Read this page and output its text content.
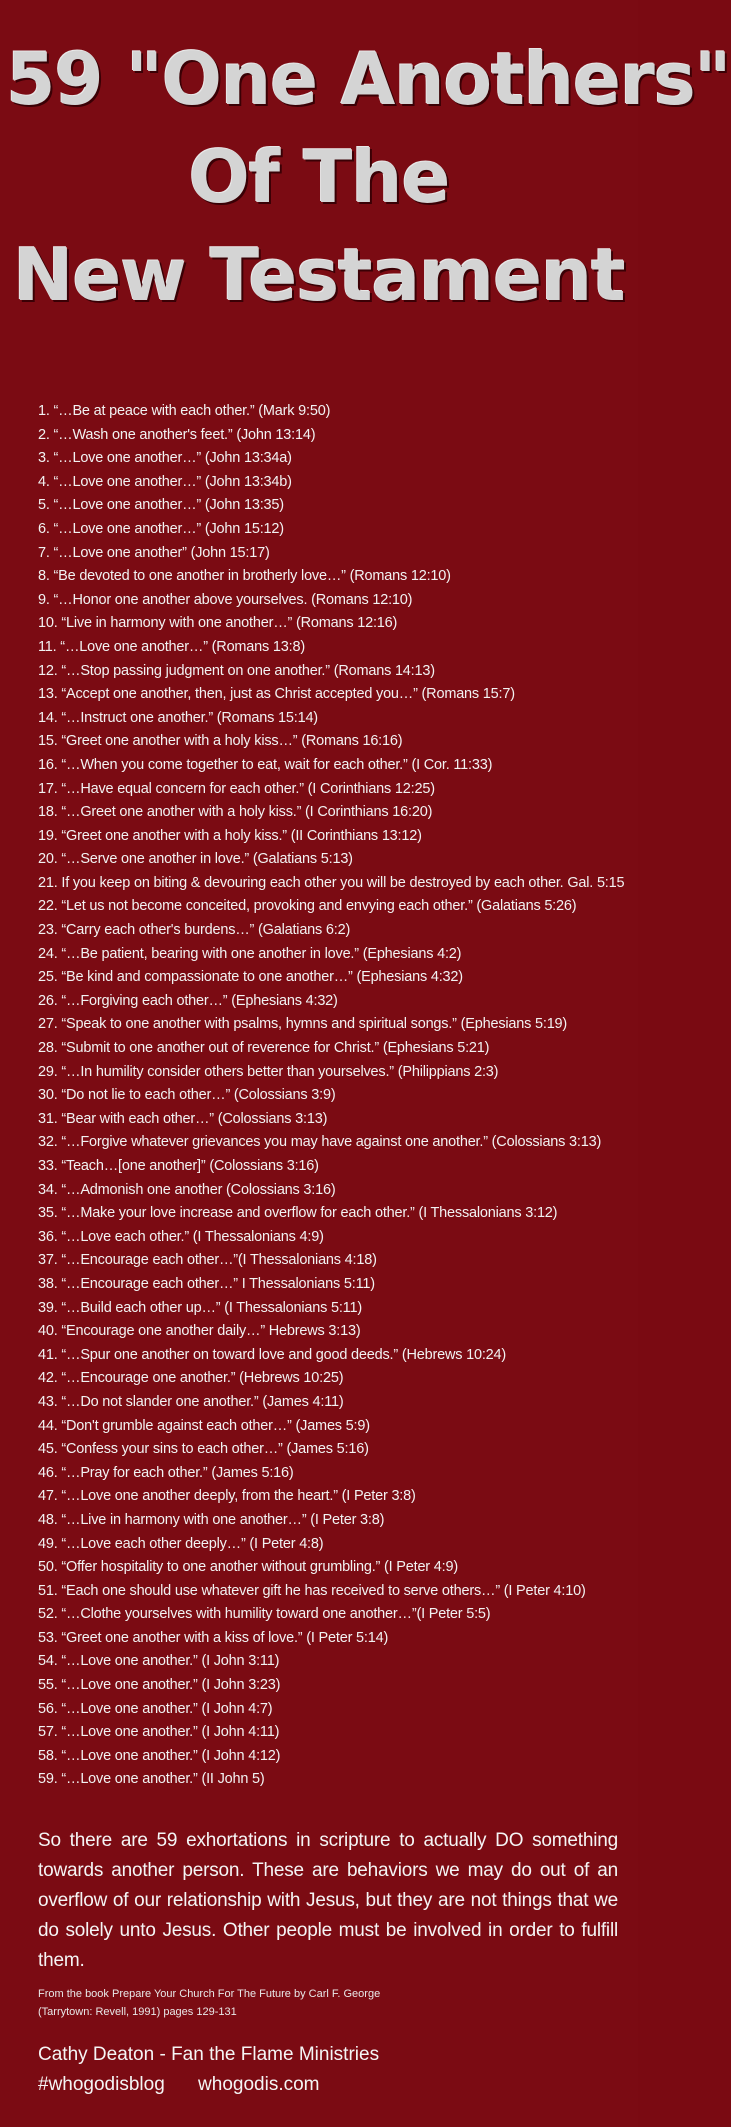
59 "One Anothers"
Of The
New Testament
1. “…Be at peace with each other.” (Mark 9:50)
2. “…Wash one another's feet.” (John 13:14)
3. “…Love one another…” (John 13:34a)
4. “…Love one another…” (John 13:34b)
5. “…Love one another…” (John 13:35)
6. “…Love one another…” (John 15:12)
7. “…Love one another” (John 15:17)
8. “Be devoted to one another in brotherly love…” (Romans 12:10)
9. “…Honor one another above yourselves. (Romans 12:10)
10. “Live in harmony with one another…” (Romans 12:16)
11. “…Love one another…” (Romans 13:8)
12. “…Stop passing judgment on one another.” (Romans 14:13)
13. “Accept one another, then, just as Christ accepted you…” (Romans 15:7)
14. “…Instruct one another.” (Romans 15:14)
15. “Greet one another with a holy kiss…” (Romans 16:16)
16. “…When you come together to eat, wait for each other.” (I Cor. 11:33)
17. “…Have equal concern for each other.” (I Corinthians 12:25)
18. “…Greet one another with a holy kiss.” (I Corinthians 16:20)
19. “Greet one another with a holy kiss.” (II Corinthians 13:12)
20. “…Serve one another in love.” (Galatians 5:13)
21. If you keep on biting & devouring each other you will be destroyed by each other. Gal. 5:15
22. “Let us not become conceited, provoking and envying each other.” (Galatians 5:26)
23. “Carry each other's burdens…” (Galatians 6:2)
24. “…Be patient, bearing with one another in love.” (Ephesians 4:2)
25. “Be kind and compassionate to one another…” (Ephesians 4:32)
26. “…Forgiving each other…” (Ephesians 4:32)
27. “Speak to one another with psalms, hymns and spiritual songs.” (Ephesians 5:19)
28. “Submit to one another out of reverence for Christ.” (Ephesians 5:21)
29. “…In humility consider others better than yourselves.” (Philippians 2:3)
30. “Do not lie to each other…” (Colossians 3:9)
31. “Bear with each other…” (Colossians 3:13)
32. “…Forgive whatever grievances you may have against one another.” (Colossians 3:13)
33. “Teach…[one another]” (Colossians 3:16)
34. “…Admonish one another (Colossians 3:16)
35. “…Make your love increase and overflow for each other.” (I Thessalonians 3:12)
36. “…Love each other.” (I Thessalonians 4:9)
37. “…Encourage each other…”(I Thessalonians 4:18)
38. “…Encourage each other…” I Thessalonians 5:11)
39. “…Build each other up…” (I Thessalonians 5:11)
40. “Encourage one another daily…” Hebrews 3:13)
41. “…Spur one another on toward love and good deeds.” (Hebrews 10:24)
42. “…Encourage one another.” (Hebrews 10:25)
43. “…Do not slander one another.” (James 4:11)
44. “Don't grumble against each other…” (James 5:9)
45. “Confess your sins to each other…” (James 5:16)
46. “…Pray for each other.” (James 5:16)
47. “…Love one another deeply, from the heart.” (I Peter 3:8)
48. “…Live in harmony with one another…” (I Peter 3:8)
49. “…Love each other deeply…” (I Peter 4:8)
50. “Offer hospitality to one another without grumbling.” (I Peter 4:9)
51. “Each one should use whatever gift he has received to serve others…” (I Peter 4:10)
52. “…Clothe yourselves with humility toward one another…”(I Peter 5:5)
53. “Greet one another with a kiss of love.” (I Peter 5:14)
54. “…Love one another.” (I John 3:11)
55. “…Love one another.” (I John 3:23)
56. “…Love one another.” (I John 4:7)
57. “…Love one another.” (I John 4:11)
58. “…Love one another.” (I John 4:12)
59. “…Love one another.” (II John 5)
So there are 59 exhortations in scripture to actually DO something towards another person. These are behaviors we may do out of an overflow of our relationship with Jesus, but they are not things that we do solely unto Jesus. Other people must be involved in order to fulfill them.
From the book Prepare Your Church For The Future by Carl F. George
(Tarrytown: Revell, 1991) pages 129-131
Cathy Deaton - Fan the Flame Ministries
#whogodisblog whogodis.com
